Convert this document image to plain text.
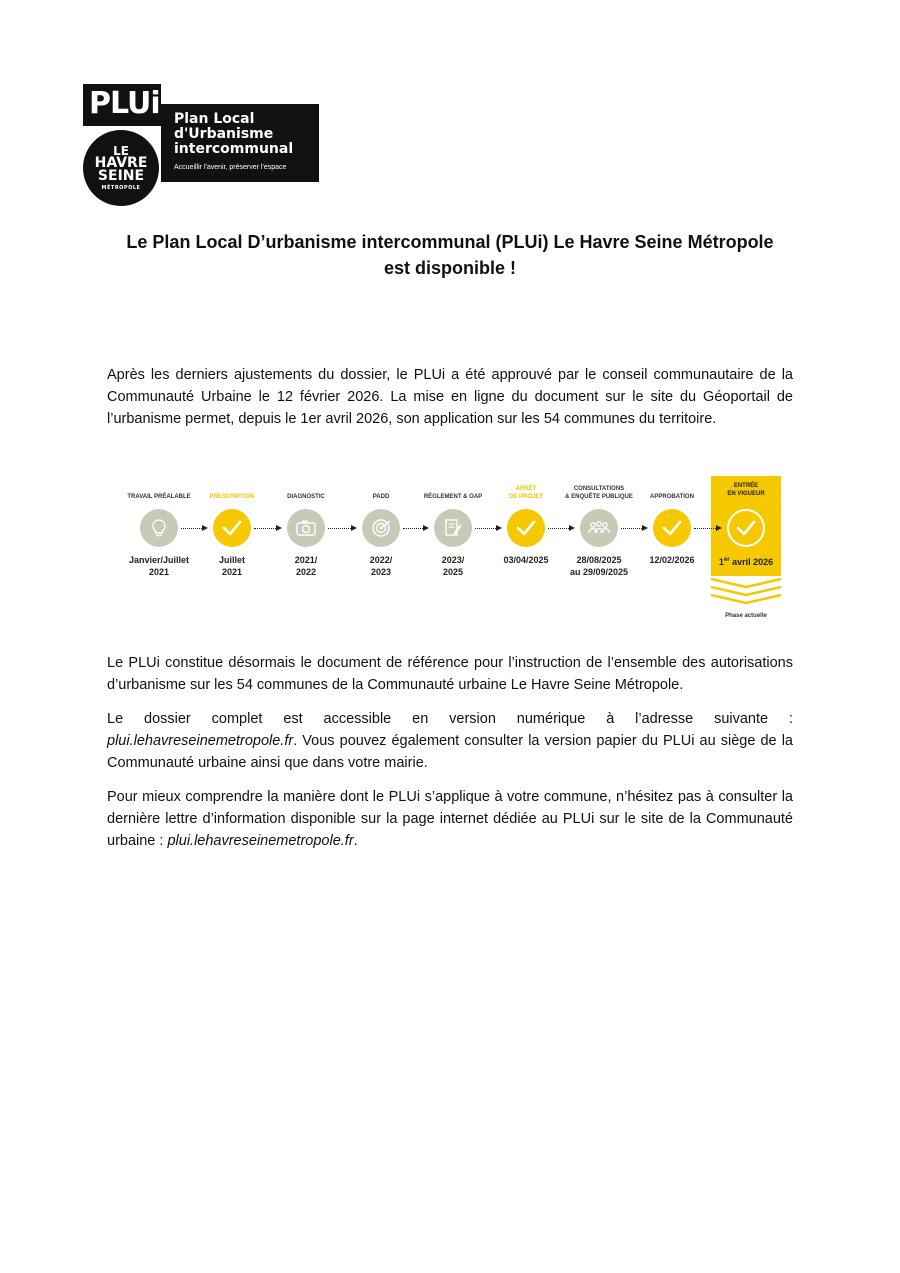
PLUi
LE
HAVRE
SEINE
MÉTROPOLE
Plan Local
d'Urbanisme
intercommunal
Accueillir l'avenir, préserver l'espace
Le Plan Local D’urbanisme intercommunal (PLUi) Le Havre Seine Métropole
est disponible !
Après les derniers ajustements du dossier, le PLUi a été approuvé par le conseil communautaire de la Communauté Urbaine le 12 février 2026. La mise en ligne du document sur le site du Géoportail de l’urbanisme permet, depuis le 1er avril 2026, son application sur les 54 communes du territoire.
Phase actuelle
TRAVAIL PRÉALABLE
Janvier/Juillet
2021
PRESCRIPTION
Juillet
2021
DIAGNOSTIC
2021/
2022
PADD
2022/
2023
RÈGLEMENT & OAP
2023/
2025
ARRÊT
DE PROJET
03/04/2025
CONSULTATIONS
& ENQUÊTE PUBLIQUE
28/08/2025
au 29/09/2025
APPROBATION
12/02/2026
ENTRÉE
EN VIGUEUR
1er avril 2026
Le PLUi constitue désormais le document de référence pour l’instruction de l’ensemble des autorisations d’urbanisme sur les 54 communes de la Communauté urbaine Le Havre Seine Métropole.
Le dossier complet est accessible en version numérique à l’adresse suivante : plui.lehavreseinemetropole.fr. Vous pouvez également consulter la version papier du PLUi au siège de la Communauté urbaine ainsi que dans votre mairie.
Pour mieux comprendre la manière dont le PLUi s’applique à votre commune, n’hésitez pas à consulter la dernière lettre d’information disponible sur la page internet dédiée au PLUi sur le site de la Communauté urbaine : plui.lehavreseinemetropole.fr.
